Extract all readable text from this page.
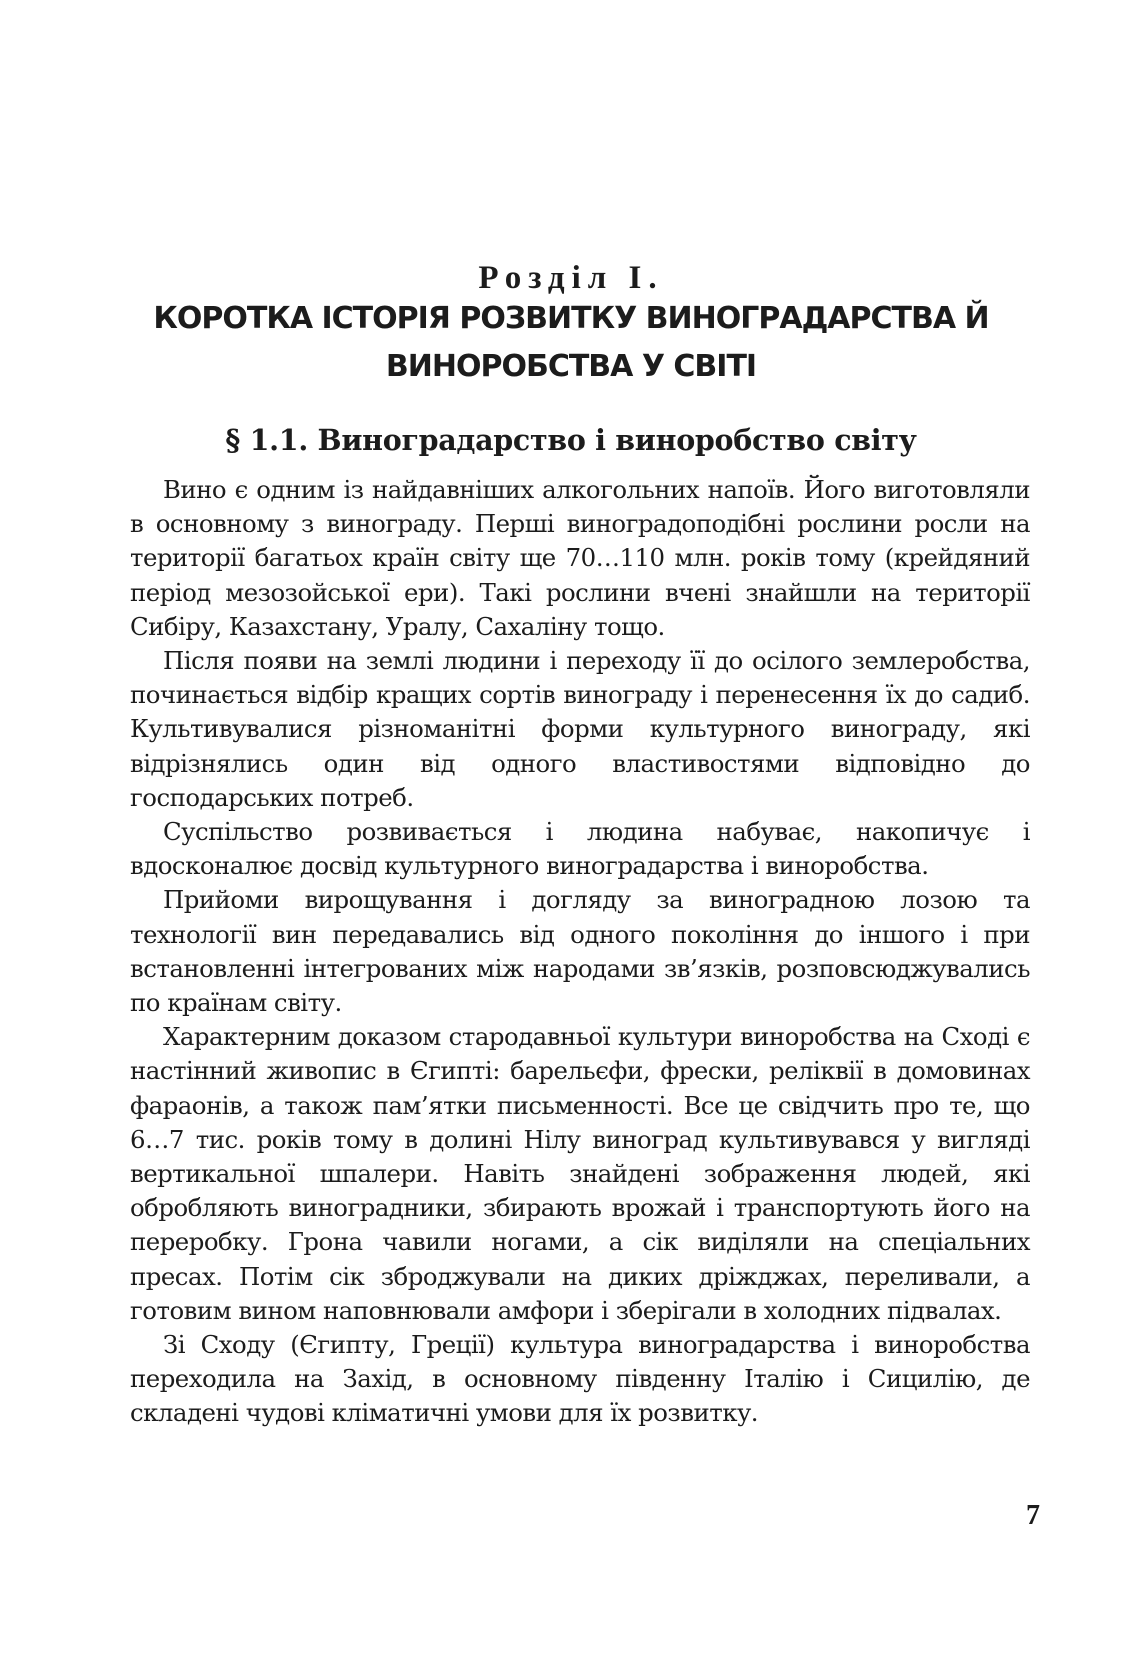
Розділ І.
КОРОТКА ІСТОРІЯ РОЗВИТКУ ВИНОГРАДАРСТВА Й ВИНОРОБСТВА У СВІТІ
§ 1.1. Виноградарство і виноробство світу

Вино є одним із найдавніших алкогольних напоїв. Його виготовляли в основному з винограду. Перші виноградоподібні рослини росли на території багатьох країн світу ще 70…110 млн. років тому (крейдяний період мезозойської ери). Такі рослини вчені знайшли на території Сибіру, Казахстану, Уралу, Сахаліну тощо.

Після появи на землі людини і переходу її до осілого землеробства, починається відбір кращих сортів винограду і перенесення їх до садиб. Культивувалися різноманітні форми культурного винограду, які відрізнялись один від одного властивостями відповідно до господарських потреб.

Суспільство розвивається і людина набуває, накопичує і вдосконалює досвід культурного виноградарства і виноробства.

Прийоми вирощування і догляду за виноградною лозою та технології вин передавались від одного покоління до іншого і при встановленні інтегрованих між народами зв’язків, розповсюджувались по країнам світу.

Характерним доказом стародавньої культури виноробства на Сході є настінний живопис в Єгипті: барельєфи, фрески, реліквії в домовинах фараонів, а також пам’ятки письменності. Все це свідчить про те, що 6…7 тис. років тому в долині Нілу виноград культивувався у вигляді вертикальної шпалери. Навіть знайдені зображення людей, які обробляють виноградники, збирають врожай і транспортують його на переробку. Грона чавили ногами, а сік виділяли на спеціальних пресах. Потім сік зброджували на диких дріжджах, переливали, а готовим вином наповнювали амфори і зберігали в холодних підвалах.

Зі Сходу (Єгипту, Греції) культура виноградарства і виноробства переходила на Захід, в основному південну Італію і Сицилію, де складені чудові кліматичні умови для їх розвитку.

7
